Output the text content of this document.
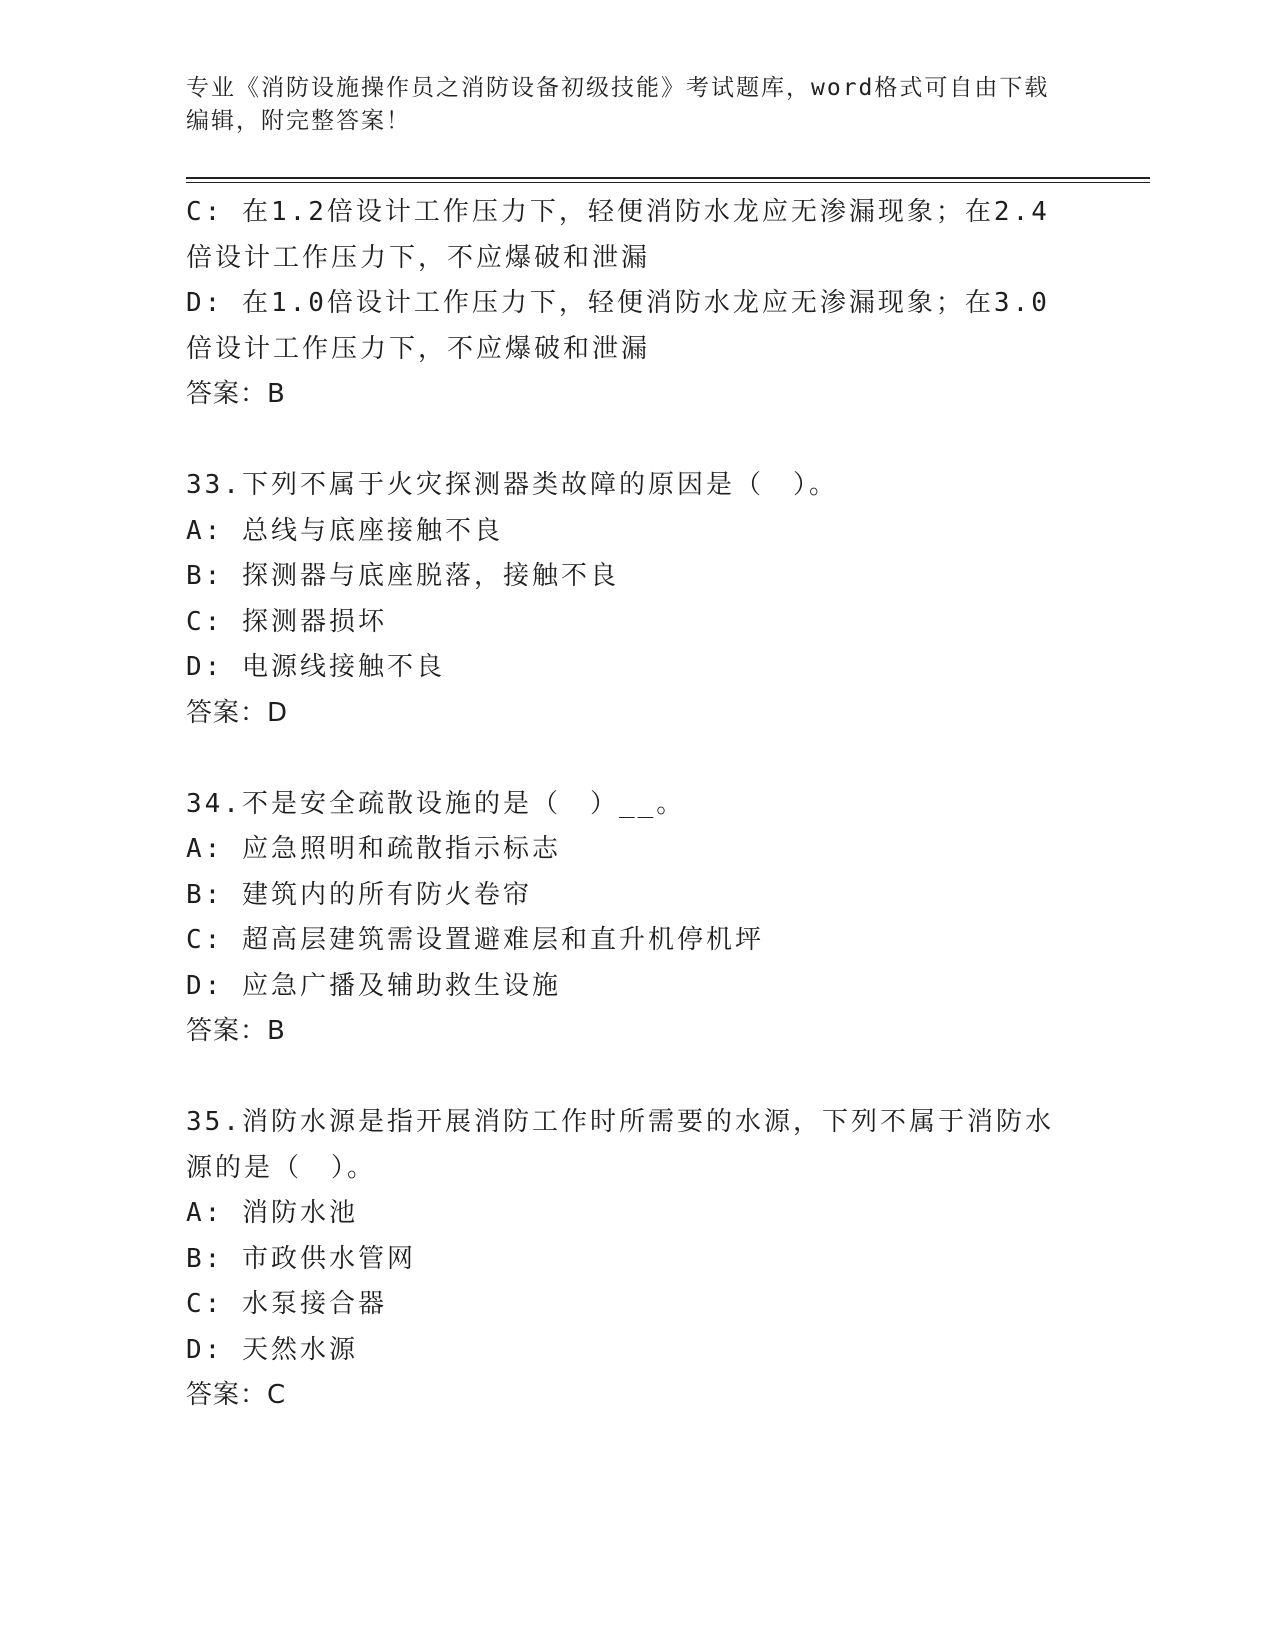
专业《消防设施操作员之消防设备初级技能》考试题库，word格式可自由下载编辑，附完整答案！
C: 在1.2倍设计工作压力下，轻便消防水龙应无渗漏现象；在2.4倍设计工作压力下，不应爆破和泄漏
D: 在1.0倍设计工作压力下，轻便消防水龙应无渗漏现象；在3.0倍设计工作压力下，不应爆破和泄漏
答案：B
33.下列不属于火灾探测器类故障的原因是（　）。
A: 总线与底座接触不良
B: 探测器与底座脱落，接触不良
C: 探测器损坏
D: 电源线接触不良
答案：D
34.不是安全疏散设施的是（　）__。
A: 应急照明和疏散指示标志
B: 建筑内的所有防火卷帘
C: 超高层建筑需设置避难层和直升机停机坪
D: 应急广播及辅助救生设施
答案：B
35.消防水源是指开展消防工作时所需要的水源，下列不属于消防水源的是（　）。
A: 消防水池
B: 市政供水管网
C: 水泵接合器
D: 天然水源
答案：C
